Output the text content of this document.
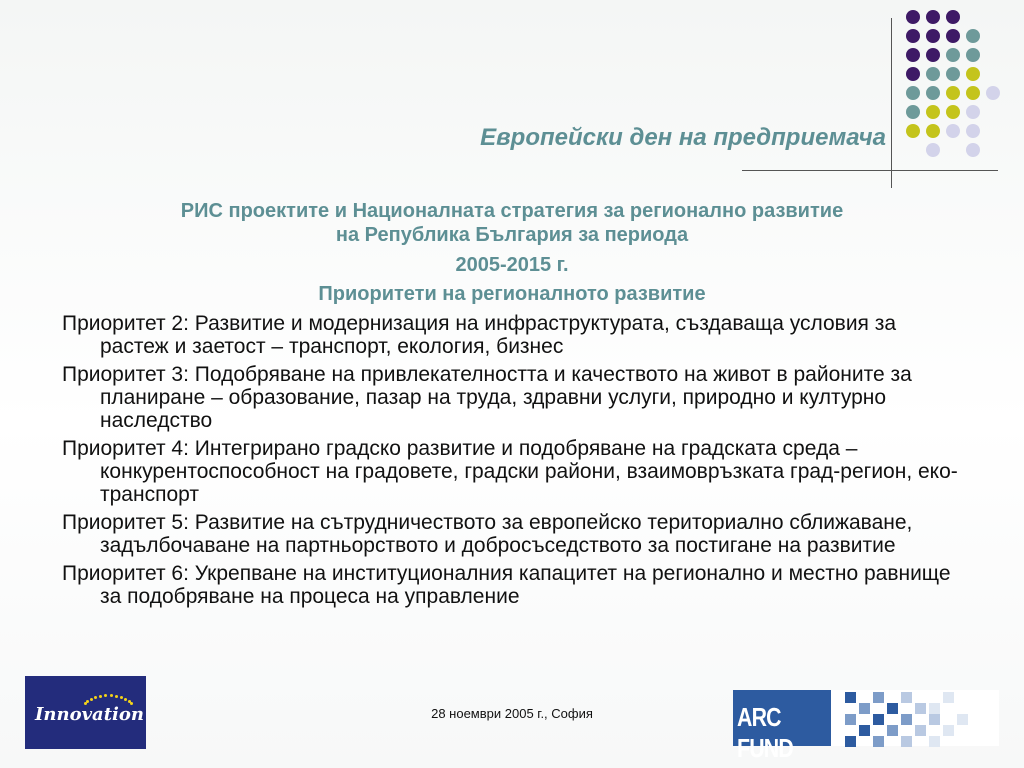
Европейски ден на предприемача
РИС проектите и Националната стратегия за регионално развитие
на Република България за периода
2005-2015 г.
Приоритети на регионалното развитие
Приоритет 2: Развитие и модернизация на инфраструктурата, създаваща условия за растеж и заетост – транспорт, екология, бизнес
Приоритет 3: Подобряване на привлекателността и качеството на живот в районите за планиране – образование, пазар на труда, здравни услуги, природно и културно наследство
Приоритет 4: Интегрирано градско развитие и подобряване на градската среда – конкурентоспособност на градовете, градски райони, взаимовръзката град-регион, еко-транспорт
Приоритет 5: Развитие на сътрудничеството за европейско териториално сближаване, задълбочаване на партньорството и добросъседството за постигане на развитие
Приоритет 6: Укрепване на институционалния капацитет на регионално и местно равнище за подобряване на процеса на управление
Innovation	28 ноември 2005 г., София	ARC FUND
